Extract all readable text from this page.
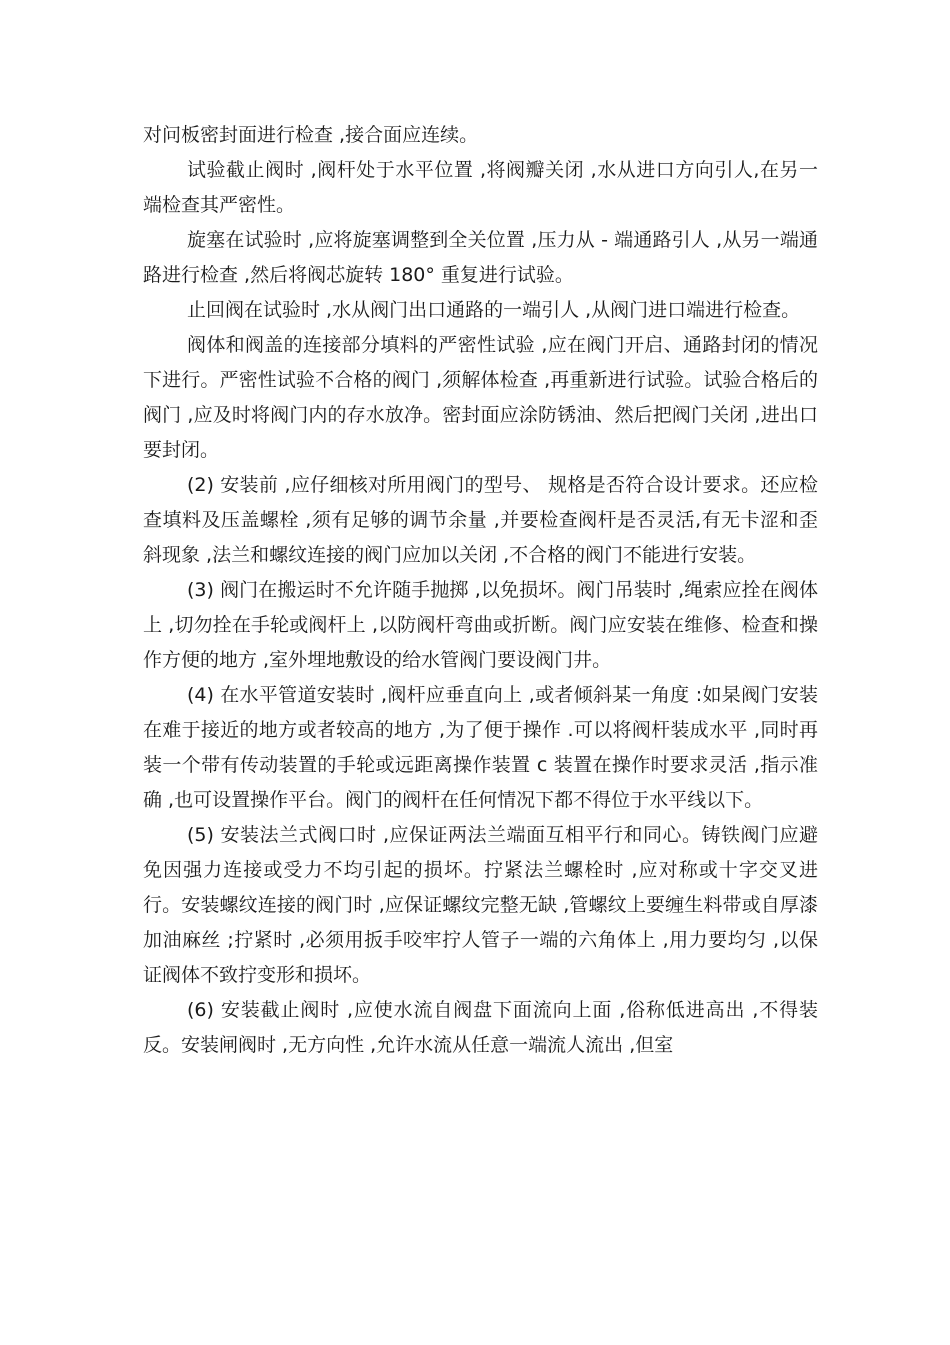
对问板密封面进行检查 ,接合面应连续。

试验截止阀时 ,阀杆处于水平位置 ,将阀瓣关闭 ,水从进口方向引人,在另一端检查其严密性。

旋塞在试验时 ,应将旋塞调整到全关位置 ,压力从 - 端通路引人 ,从另一端通路进行检查 ,然后将阀芯旋转 180° 重复进行试验。

止回阀在试验时 ,水从阀门出口通路的一端引人 ,从阀门进口端进行检查。

阀体和阀盖的连接部分填料的严密性试验 ,应在阀门开启、通路封闭的情况下进行。严密性试验不合格的阀门 ,须解体检查 ,再重新进行试验。试验合格后的阀门 ,应及时将阀门内的存水放净。密封面应涂防锈油、然后把阀门关闭 ,进出口要封闭。

(2) 安装前 ,应仔细核对所用阀门的型号、 规格是否符合设计要求。还应检查填料及压盖螺栓 ,须有足够的调节余量 ,并要检查阀杆是否灵活,有无卡涩和歪斜现象 ,法兰和螺纹连接的阀门应加以关闭 ,不合格的阀门不能进行安装。

(3) 阀门在搬运时不允许随手抛掷 ,以免损坏。阀门吊装时 ,绳索应拴在阀体上 ,切勿拴在手轮或阀杆上 ,以防阀杆弯曲或折断。阀门应安装在维修、检查和操作方便的地方 ,室外埋地敷设的给水管阀门要设阀门井。

(4) 在水平管道安装时 ,阀杆应垂直向上 ,或者倾斜某一角度 :如杲阀门安装在难于接近的地方或者较高的地方 ,为了便于操作 .可以将阀杆装成水平 ,同时再装一个带有传动装置的手轮或远距离操作装置 c 装置在操作时要求灵活 ,指示准确 ,也可设置操作平台。阀门的阀杆在任何情况下都不得位于水平线以下。

(5) 安装法兰式阀口时 ,应保证两法兰端面互相平行和同心。铸铁阀门应避免因强力连接或受力不均引起的损坏。拧紧法兰螺栓时 ,应对称或十字交叉进行。安装螺纹连接的阀门时 ,应保证螺纹完整无缺 ,管螺纹上要缠生料带或自厚漆加油麻丝 ;拧紧时 ,必须用扳手咬牢拧人管子一端的六角体上 ,用力要均匀 ,以保证阀体不致拧变形和损坏。

(6) 安装截止阀时 ,应使水流自阀盘下面流向上面 ,俗称低进高出 ,不得装反。安装闸阀时 ,无方向性 ,允许水流从任意一端流人流出 ,但室
